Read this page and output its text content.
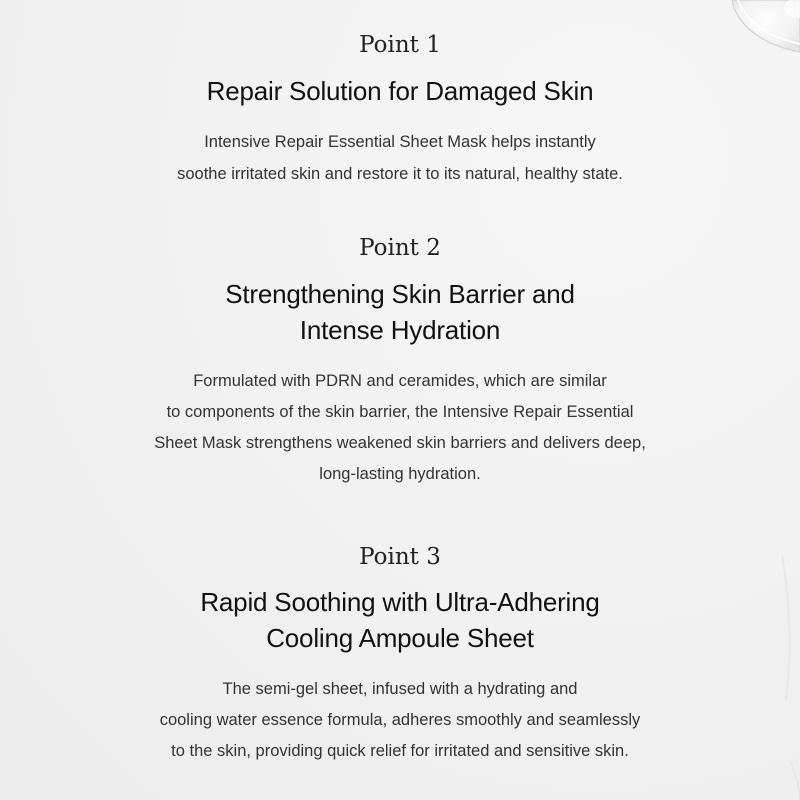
Point 1

Repair Solution for Damaged Skin

Intensive Repair Essential Sheet Mask helps instantly
soothe irritated skin and restore it to its natural, healthy state.

Point 2

Strengthening Skin Barrier and
Intense Hydration

Formulated with PDRN and ceramides, which are similar
to components of the skin barrier, the Intensive Repair Essential
Sheet Mask strengthens weakened skin barriers and delivers deep,
long-lasting hydration.

Point 3

Rapid Soothing with Ultra-Adhering
Cooling Ampoule Sheet

The semi-gel sheet, infused with a hydrating and
cooling water essence formula, adheres smoothly and seamlessly
to the skin, providing quick relief for irritated and sensitive skin.
